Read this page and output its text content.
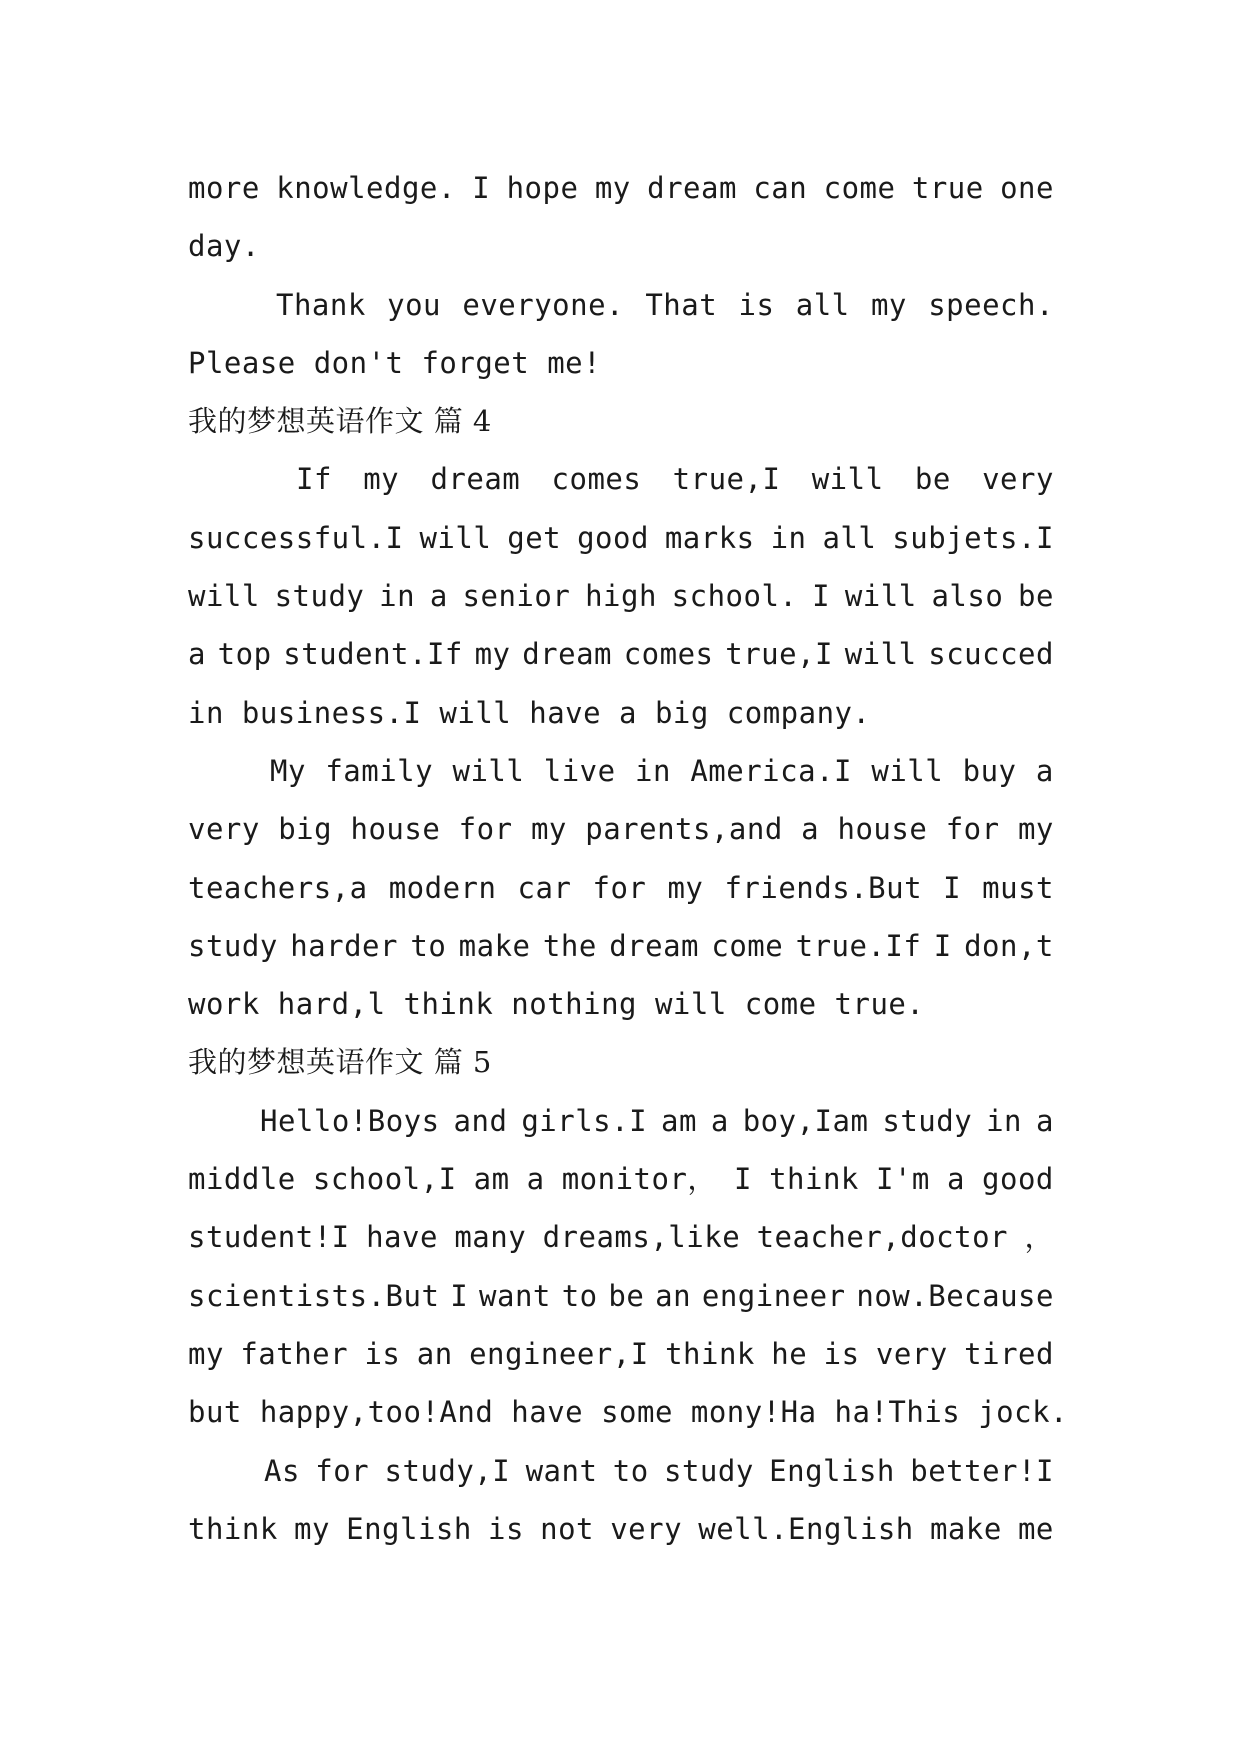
more knowledge. I hope my dream can come true one
day.
Thank you everyone. That is all my speech.
Please don't forget me!
我的梦想英语作文 篇 4
If my dream comes true,I will be very
successful.I will get good marks in all subjets.I
will study in a senior high school. I will also be
a top student.If my dream comes true,I will scucced
in business.I will have a big company.
My family will live in America.I will buy a
very big house for my parents,and a house for my
teachers,a modern car for my friends.But I must
study harder to make the dream come true.If I don,t
work hard,l think nothing will come true.
我的梦想英语作文 篇 5
Hello!Boys and girls.I am a boy,Iam study in a
middle school,I am a monitor， I think I'm a good
student!I have many dreams,like teacher,doctor ，
scientists.But I want to be an engineer now.Because
my father is an engineer,I think he is very tired
but happy,too!And have some mony!Ha ha!This jock.
As for study,I want to study English better!I
think my English is not very well.English make me
